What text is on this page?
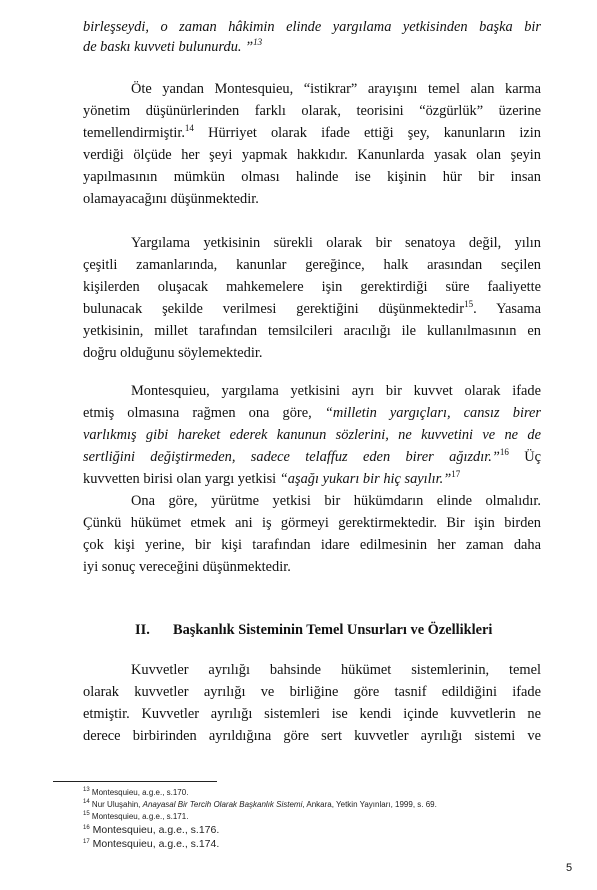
birleşseydi, o zaman hâkimin elinde yargılama yetkisinden başka bir
de baskı kuvveti bulunurdu. ”$^{13}$
Öte yandan Montesquieu, “istikrar” arayışını temel alan karma
yönetim düşünürlerinden farklı olarak, teorisini “özgürlük” üzerine
temellendirmiştir.$^{14}$ Hürriyet olarak ifade ettiği şey, kanunların izin
verdiği ölçüde her şeyi yapmak hakkıdır. Kanunlarda yasak olan şeyin
yapılmasının mümkün olması halinde ise kişinin hür bir insan
olamayacağını düşünmektedir.
Yargılama yetkisinin sürekli olarak bir senatoya değil, yılın
çeşitli zamanlarında, kanunlar gereğince, halk arasından seçilen
kişilerden oluşacak mahkemelere işin gerektirdiği süre faaliyette
bulunacak şekilde verilmesi gerektiğini düşünmektedir$^{15}$. Yasama
yetkisinin, millet tarafından temsilcileri aracılığı ile kullanılmasının en
doğru olduğunu söylemektedir.
Montesquieu, yargılama yetkisini ayrı bir kuvvet olarak ifade
etmiş olmasına rağmen ona göre, “milletin yargıçları, cansız birer
varlıkmış gibi hareket ederek kanunun sözlerini, ne kuvvetini ve ne de
sertliğini değiştirmeden, sadece telaffuz eden birer ağızdır.”$^{16}$ Üç
kuvvetten birisi olan yargı yetkisi “aşağı yukarı bir hiç sayılır.”$^{17}$
Ona göre, yürütme yetkisi bir hükümdarın elinde olmalıdır.
Çünkü hükümet etmek ani iş görmeyi gerektirmektedir. Bir işin birden
çok kişi yerine, bir kişi tarafından idare edilmesinin her zaman daha
iyi sonuç vereceğini düşünmektedir.
Kuvvetler ayrılığı bahsinde hükümet sistemlerinin, temel
olarak kuvvetler ayrılığı ve birliğine göre tasnif edildiğini ifade
etmiştir. Kuvvetler ayrılığı sistemleri ise kendi içinde kuvvetlerin ne
derece birbirinden ayrıldığına göre sert kuvvetler ayrılığı sistemi ve
II. Başkanlık Sisteminin Temel Unsurları ve Özellikleri
$^{13}$ Montesquieu, a.g.e., s.170.
$^{14}$ Nur Uluşahin, Anayasal Bir Tercih Olarak Başkanlık Sistemi, Ankara, Yetkin Yayınları, 1999, s. 69.
$^{15}$ Montesquieu, a.g.e., s.171.
$^{16}$ Montesquieu, a.g.e., s.176.
$^{17}$ Montesquieu, a.g.e., s.174.
5
